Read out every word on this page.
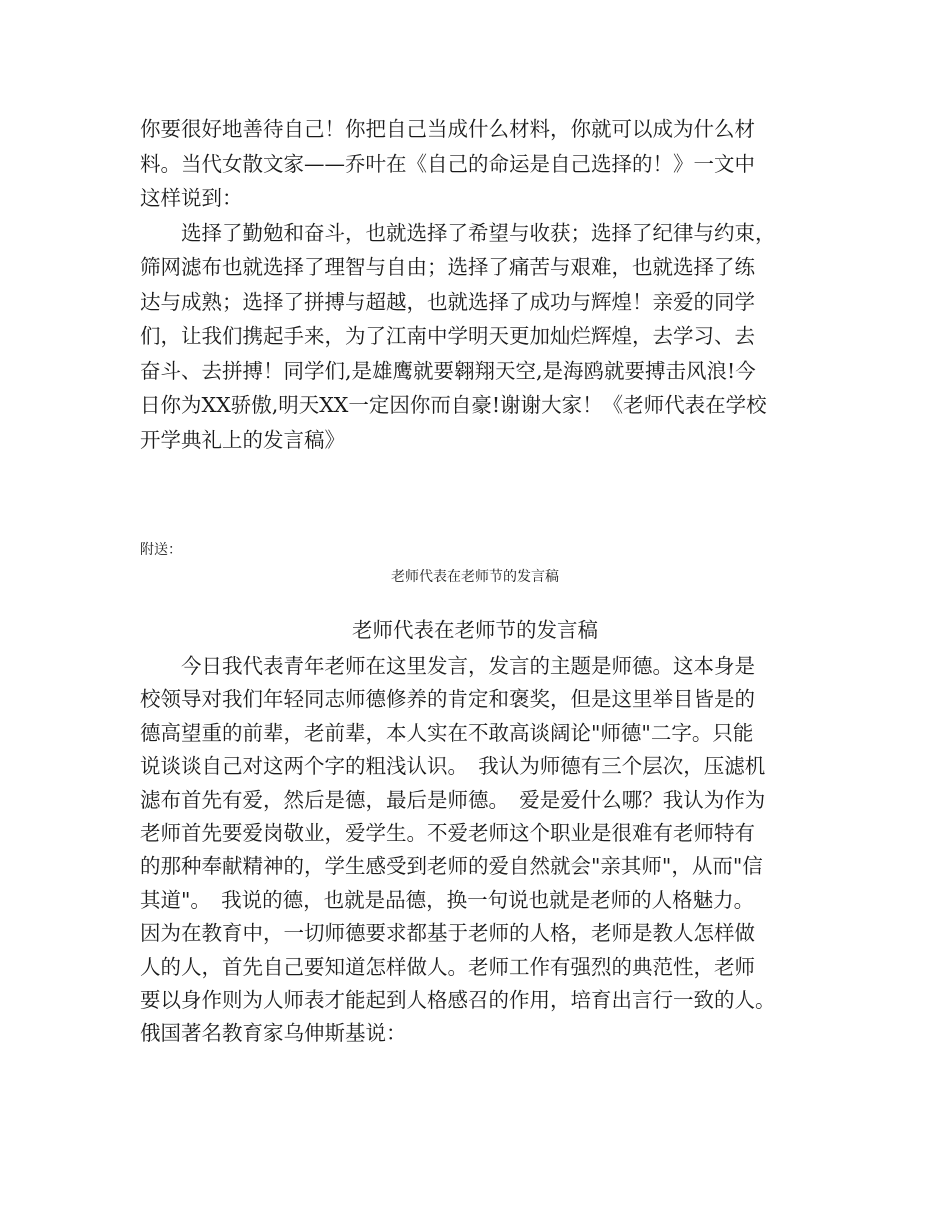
你要很好地善待自己！你把自己当成什么材料，你就可以成为什么材
料。当代女散文家——乔叶在《自己的命运是自己选择的！》一文中
这样说到：
　　选择了勤勉和奋斗，也就选择了希望与收获；选择了纪律与约束，
筛网滤布也就选择了理智与自由；选择了痛苦与艰难，也就选择了练
达与成熟；选择了拼搏与超越，也就选择了成功与辉煌！亲爱的同学
们，让我们携起手来，为了江南中学明天更加灿烂辉煌，去学习、去
奋斗、去拼搏！同学们,是雄鹰就要翱翔天空,是海鸥就要搏击风浪!今
日你为XX骄傲,明天XX一定因你而自豪!谢谢大家！《老师代表在学校
开学典礼上的发言稿》
附送：
老师代表在老师节的发言稿
老师代表在老师节的发言稿
　　今日我代表青年老师在这里发言，发言的主题是师德。这本身是
校领导对我们年轻同志师德修养的肯定和褒奖，但是这里举目皆是的
德高望重的前辈，老前辈，本人实在不敢高谈阔论"师德"二字。只能
说谈谈自己对这两个字的粗浅认识。　我认为师德有三个层次，压滤机
滤布首先有爱，然后是德，最后是师德。　爱是爱什么哪？我认为作为
老师首先要爱岗敬业，爱学生。不爱老师这个职业是很难有老师特有
的那种奉献精神的，学生感受到老师的爱自然就会"亲其师"，从而"信
其道"。　我说的德，也就是品德，换一句说也就是老师的人格魅力。
因为在教育中，一切师德要求都基于老师的人格，老师是教人怎样做
人的人，首先自己要知道怎样做人。老师工作有强烈的典范性，老师
要以身作则为人师表才能起到人格感召的作用，培育出言行一致的人。
俄国著名教育家乌伸斯基说：
